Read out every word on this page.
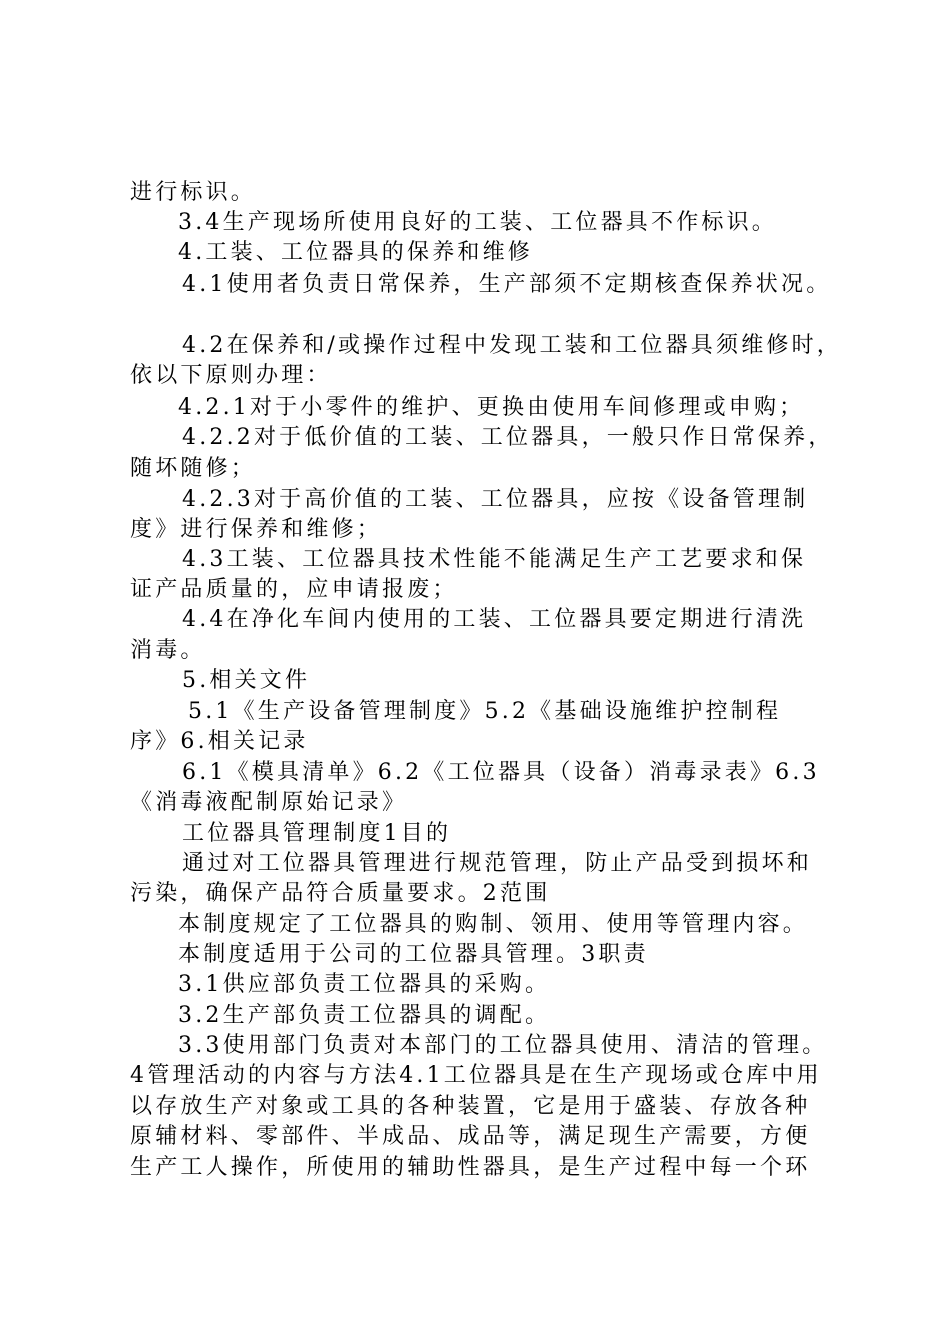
进行标识。
3.4生产现场所使用良好的工装、工位器具不作标识。
4.工装、工位器具的保养和维修
4.1使用者负责日常保养，生产部须不定期核查保养状况。
4.2在保养和/或操作过程中发现工装和工位器具须维修时，
依以下原则办理：
4.2.1对于小零件的维护、更换由使用车间修理或申购；
4.2.2对于低价值的工装、工位器具，一般只作日常保养，
随坏随修；
4.2.3对于高价值的工装、工位器具，应按《设备管理制
度》进行保养和维修；
4.3工装、工位器具技术性能不能满足生产工艺要求和保
证产品质量的，应申请报废；
4.4在净化车间内使用的工装、工位器具要定期进行清洗
消毒。
5.相关文件
5.1《生产设备管理制度》5.2《基础设施维护控制程
序》6.相关记录
6.1《模具清单》6.2《工位器具（设备）消毒录表》6.3
《消毒液配制原始记录》
工位器具管理制度1目的
通过对工位器具管理进行规范管理，防止产品受到损坏和
污染，确保产品符合质量要求。2范围
本制度规定了工位器具的购制、领用、使用等管理内容。
本制度适用于公司的工位器具管理。3职责
3.1供应部负责工位器具的采购。
3.2生产部负责工位器具的调配。
3.3使用部门负责对本部门的工位器具使用、清洁的管理。
4管理活动的内容与方法4.1工位器具是在生产现场或仓库中用
以存放生产对象或工具的各种装置，它是用于盛装、存放各种
原辅材料、零部件、半成品、成品等，满足现生产需要，方便
生产工人操作，所使用的辅助性器具，是生产过程中每一个环
